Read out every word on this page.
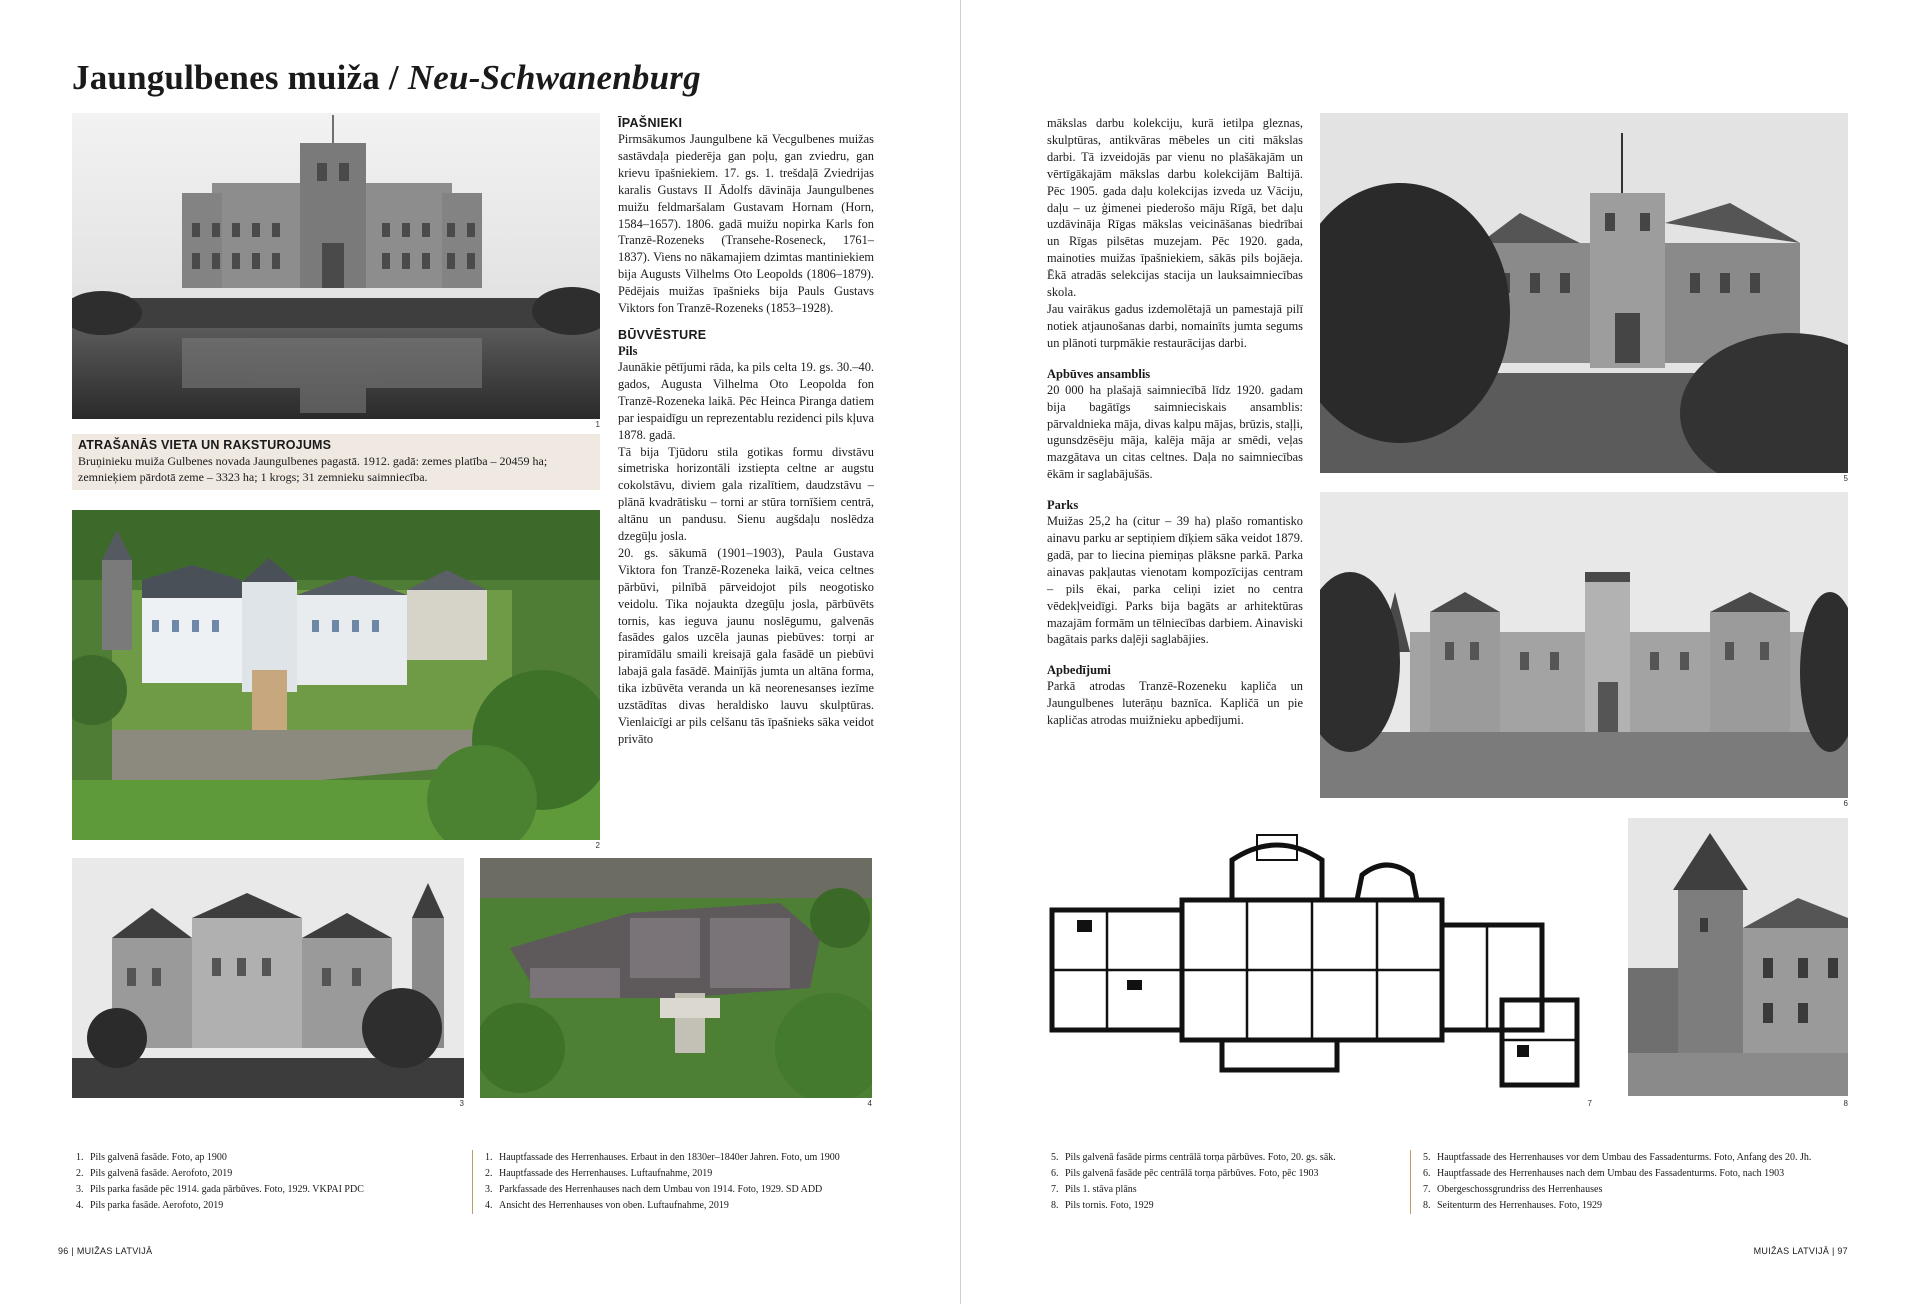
Jaungulbenes muiža / Neu-Schwanenburg
1
ATRAŠANĀS VIETA UN RAKSTUROJUMS
Bruņinieku muiža Gulbenes novada Jaungulbenes pagastā. 1912. gadā: zemes platība – 20459 ha; zemnieķiem pārdotā zeme – 3323 ha; 1 krogs; 31 zemnieku saimniecība.
2
3	4
ĪPAŠNIEKI

Pirmsākumos Jaungulbene kā Vecgulbenes muižas sastāvdaļa piederēja gan poļu, gan zviedru, gan krievu īpašniekiem. 17. gs. 1. trešdaļā Zviedrijas karalis Gustavs II Ādolfs dāvināja Jaungulbenes muižu feldmaršalam Gustavam Hornam (Horn, 1584–1657). 1806. gadā muižu nopirka Karls fon Tranzē-Rozeneks (Transehe-Roseneck, 1761–1837). Viens no nākamajiem dzimtas mantiniekiem bija Augusts Vilhelms Oto Leopolds (1806–1879). Pēdējais muižas īpašnieks bija Pauls Gustavs Viktors fon Tranzē-Rozeneks (1853–1928).

BŪVVĒSTURE
Pils

Jaunākie pētījumi rāda, ka pils celta 19. gs. 30.–40. gados, Augusta Vilhelma Oto Leopolda fon Tranzē-Rozeneka laikā. Pēc Heinca Piranga datiem par iespaidīgu un reprezentablu rezidenci pils kļuva 1878. gadā.

Tā bija Tjūdoru stila gotikas formu divstāvu simetriska horizontāli izstiepta celtne ar augstu cokolstāvu, diviem gala rizalītiem, daudzstāvu – plānā kvadrātisku – torni ar stūra tornīšiem centrā, altānu un pandusu. Sienu augšdaļu noslēdza dzegūļu josla.

20. gs. sākumā (1901–1903), Paula Gustava Viktora fon Tranzē-Rozeneka laikā, veica celtnes pārbūvi, pilnībā pārveidojot pils neogotisko veidolu. Tika nojaukta dzegūļu josla, pārbūvēts tornis, kas ieguva jaunu noslēgumu, galvenās fasādes galos uzcēla jaunas piebūves: torņi ar piramīdālu smaili kreisajā gala fasādē un piebūvi labajā gala fasādē. Mainījās jumta un altāna forma, tika izbūvēta veranda un kā neorenesanses iezīme uzstādītas divas heraldisko lauvu skulptūras. Vienlaicīgi ar pils celšanu tās īpašnieks sāka veidot privāto

mākslas darbu kolekciju, kurā ietilpa gleznas, skulptūras, antikvāras mēbeles un citi mākslas darbi. Tā izveidojās par vienu no plašākajām un vērtīgākajām mākslas darbu kolekcijām Baltijā. Pēc 1905. gada daļu kolekcijas izveda uz Vāciju, daļu – uz ģimenei piederošo māju Rīgā, bet daļu uzdāvināja Rīgas mākslas veicināšanas biedrībai un Rīgas pilsētas muzejam. Pēc 1920. gada, mainoties muižas īpašniekiem, sākās pils bojāeja. Ēkā atradās selekcijas stacija un lauksaimniecības skola.

Jau vairākus gadus izdemolētajā un pamestajā pilī notiek atjaunošanas darbi, nomainīts jumta segums un plānoti turpmākie restaurācijas darbi.

Apbūves ansamblis

20 000 ha plašajā saimniecībā līdz 1920. gadam bija bagātīgs saimnieciskais ansamblis: pārvaldnieka māja, divas kalpu mājas, brūzis, staļļi, ugunsdzēsēju māja, kalēja māja ar smēdi, veļas mazgātava un citas celtnes. Daļa no saimniecības ēkām ir saglabājušās.

Parks

Muižas 25,2 ha (citur – 39 ha) plašo romantisko ainavu parku ar septiņiem dīķiem sāka veidot 1879. gadā, par to liecina piemiņas plāksne parkā. Parka ainavas pakļautas vienotam kompozīcijas centram – pils ēkai, parka celiņi iziet no centra vēdekļveidīgi. Parks bija bagāts ar arhitektūras mazajām formām un tēlniecības darbiem. Ainaviski bagātais parks daļēji saglabājies.

Apbedījumi

Parkā atrodas Tranzē-Rozeneku kapliča un Jaungulbenes luterāņu baznīca. Kapličā un pie kapličas atrodas muižnieku apbedījumi.

5
6
7	8
1. Pils galvenā fasāde. Foto, ap 1900
2. Pils galvenā fasāde. Aerofoto, 2019
3. Pils parka fasāde pēc 1914. gada pārbūves. Foto, 1929. VKPAI PDC
4. Pils parka fasāde. Aerofoto, 2019
1. Hauptfassade des Herrenhauses. Erbaut in den 1830er–1840er Jahren. Foto, um 1900
2. Hauptfassade des Herrenhauses. Luftaufnahme, 2019
3. Parkfassade des Herrenhauses nach dem Umbau von 1914. Foto, 1929. SD ADD
4. Ansicht des Herrenhauses von oben. Luftaufnahme, 2019
5. Pils galvenā fasāde pirms centrālā torņa pārbūves. Foto, 20. gs. sāk.
6. Pils galvenā fasāde pēc centrālā torņa pārbūves. Foto, pēc 1903
7. Pils 1. stāva plāns
8. Pils tornis. Foto, 1929
5. Hauptfassade des Herrenhauses vor dem Umbau des Fassadenturms. Foto, Anfang des 20. Jh.
6. Hauptfassade des Herrenhauses nach dem Umbau des Fassadenturms. Foto, nach 1903
7. Obergeschossgrundriss des Herrenhauses
8. Seitenturm des Herrenhauses. Foto, 1929
96 | MUIŽAS LATVIJĀ	MUIŽAS LATVIJĀ | 97
